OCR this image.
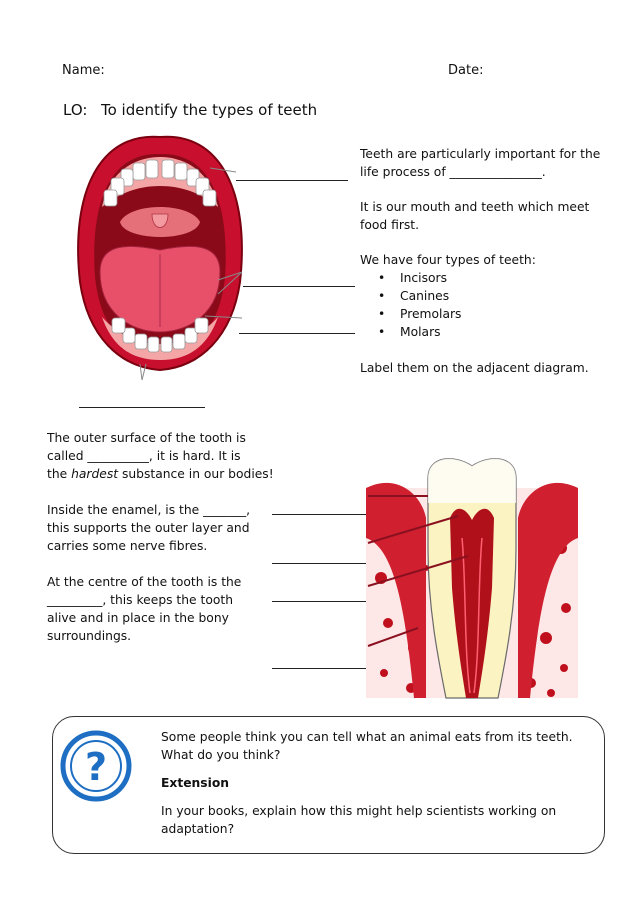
Name:	Date:
LO: To identify the types of teeth
Teeth are particularly important for the
life process of _______________.
It is our mouth and teeth which meet
food first.
We have four types of teeth:
• Incisors
• Canines
• Premolars
• Molars
Label them on the adjacent diagram.
The outer surface of the tooth is
called __________, it is hard. It is
the hardest substance in our bodies!
Inside the enamel, is the _______,
this supports the outer layer and
carries some nerve fibres.
At the centre of the tooth is the
_________, this keeps the tooth
alive and in place in the bony
surroundings.
?
Some people think you can tell what an animal eats from its teeth.
What do you think?
Extension
In your books, explain how this might help scientists working on
adaptation?
